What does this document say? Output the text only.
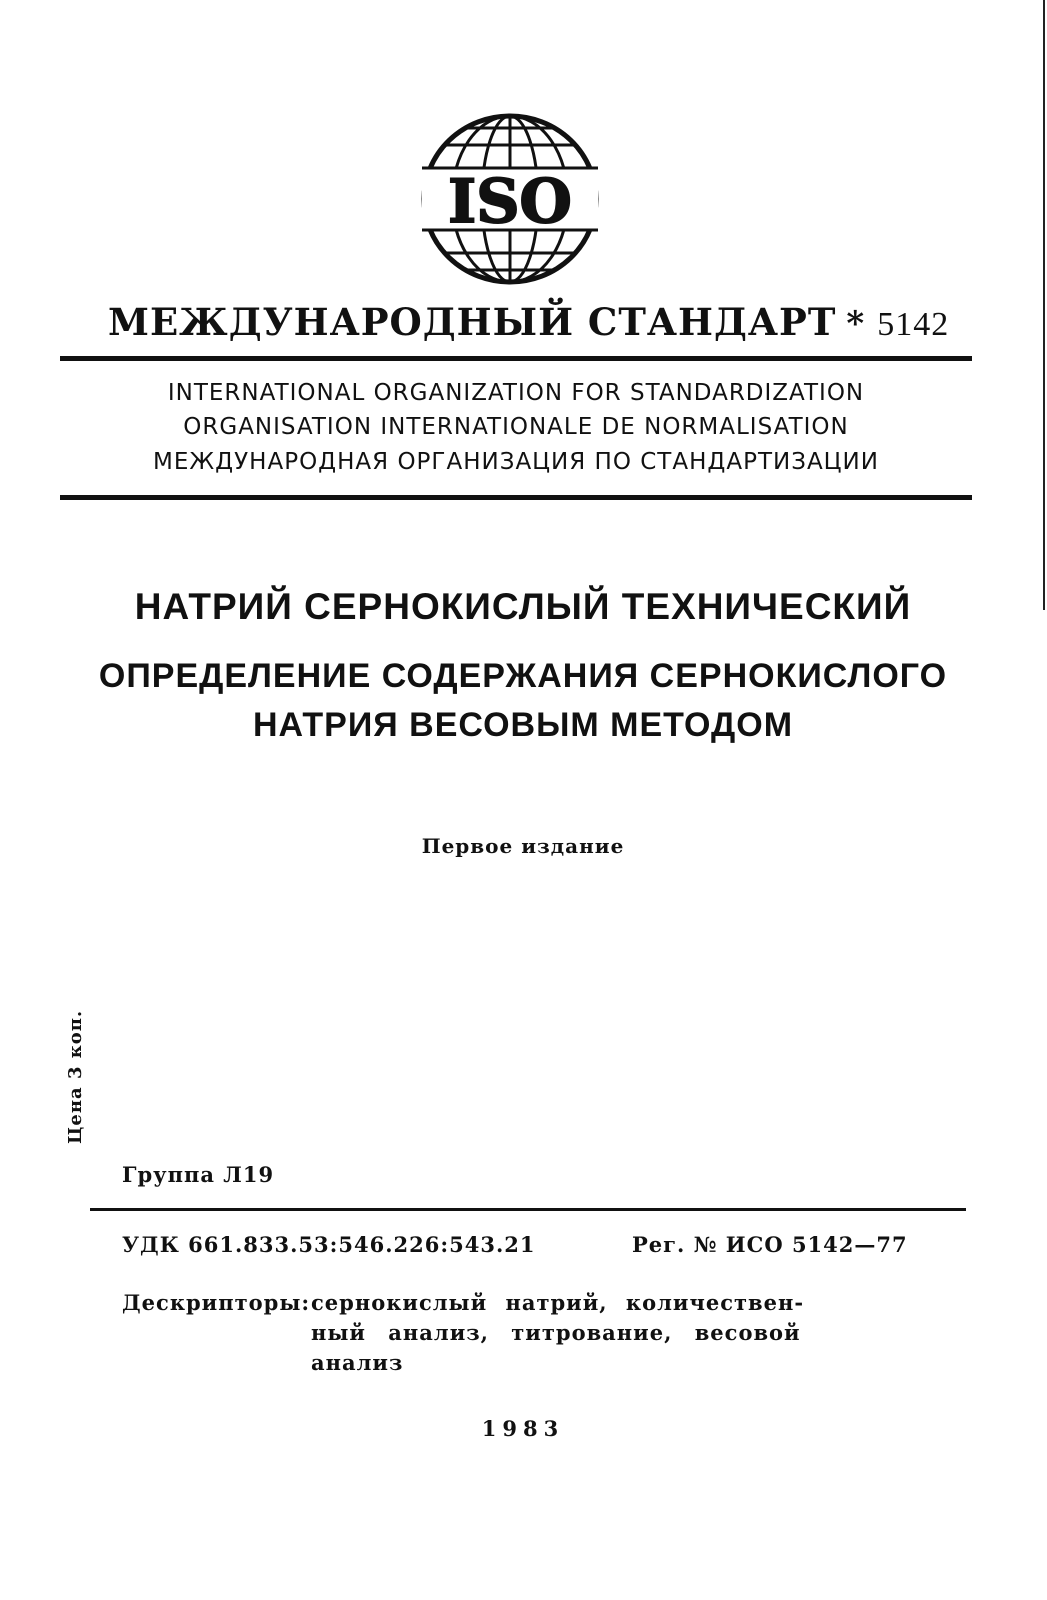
ISO
МЕЖДУНАРОДНЫЙ СТАНДАРТ * 5142
INTERNATIONAL ORGANIZATION FOR STANDARDIZATION
ORGANISATION INTERNATIONALE DE NORMALISATION
МЕЖДУНАРОДНАЯ ОРГАНИЗАЦИЯ ПО СТАНДАРТИЗАЦИИ
НАТРИЙ СЕРНОКИСЛЫЙ ТЕХНИЧЕСКИЙ
ОПРЕДЕЛЕНИЕ СОДЕРЖАНИЯ СЕРНОКИСЛОГО
НАТРИЯ ВЕСОВЫМ МЕТОДОМ
Первое издание
Цена 3 коп.
Группа Л19
УДК 661.833.53:546.226:543.21	Рег. № ИСО 5142—77
Дескрипторы: сернокислый натрий, количествен-
ный анализ, титрование, весовой
анализ
1983
